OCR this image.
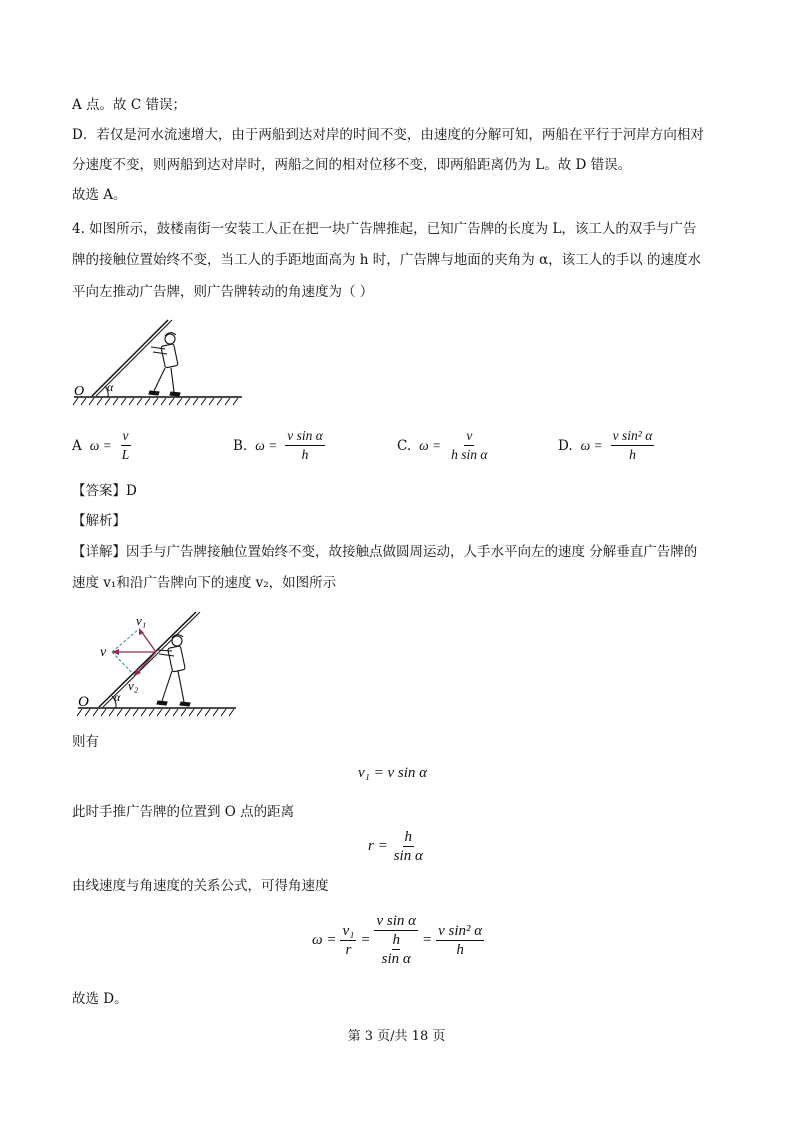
A 点。故 C 错误；
D．若仅是河水流速增大，由于两船到达对岸的时间不变，由速度的分解可知，两船在平行于河岸方向相对
分速度不变，则两船到达对岸时，两船之间的相对位移不变，即两船距离仍为 L。故 D 错误。
故选 A。
4. 如图所示，鼓楼南街一安装工人正在把一块广告牌推起，已知广告牌的长度为 L，该工人的双手与广告
牌的接触位置始终不变，当工人的手距地面高为 h 时，广告牌与地面的夹角为 α，该工人的手以 的速度水
平向左推动广告牌，则广告牌转动的角速度为（ ）
O α
A $\omega = \frac{v}{L}$	B. $\omega = \frac{\text{v sin α}}{h}$	C. $\omega = \frac{v}{\text{h sin α}}$	D. $\omega = \frac{\text{v sin² α}}{h}$
【答案】D
【解析】
【详解】因手与广告牌接触位置始终不变，故接触点做圆周运动，人手水平向左的速度 分解垂直广告牌的
速度 v₁和沿广告牌向下的速度 v₂，如图所示
O α
v₁
v
v₂
则有
v₁ = v sin α
此时手推广告牌的位置到 O 点的距离
$r = \frac{h}{\text{sin α}}$
由线速度与角速度的关系公式，可得角速度
$\omega = \frac{\text{v₁}}{r} = \frac{\text{v sin α}}{\frac{h}{\text{sin α}}} = \frac{\text{v sin² α}}{h}$
故选 D。
第 3 页/共 18 页
